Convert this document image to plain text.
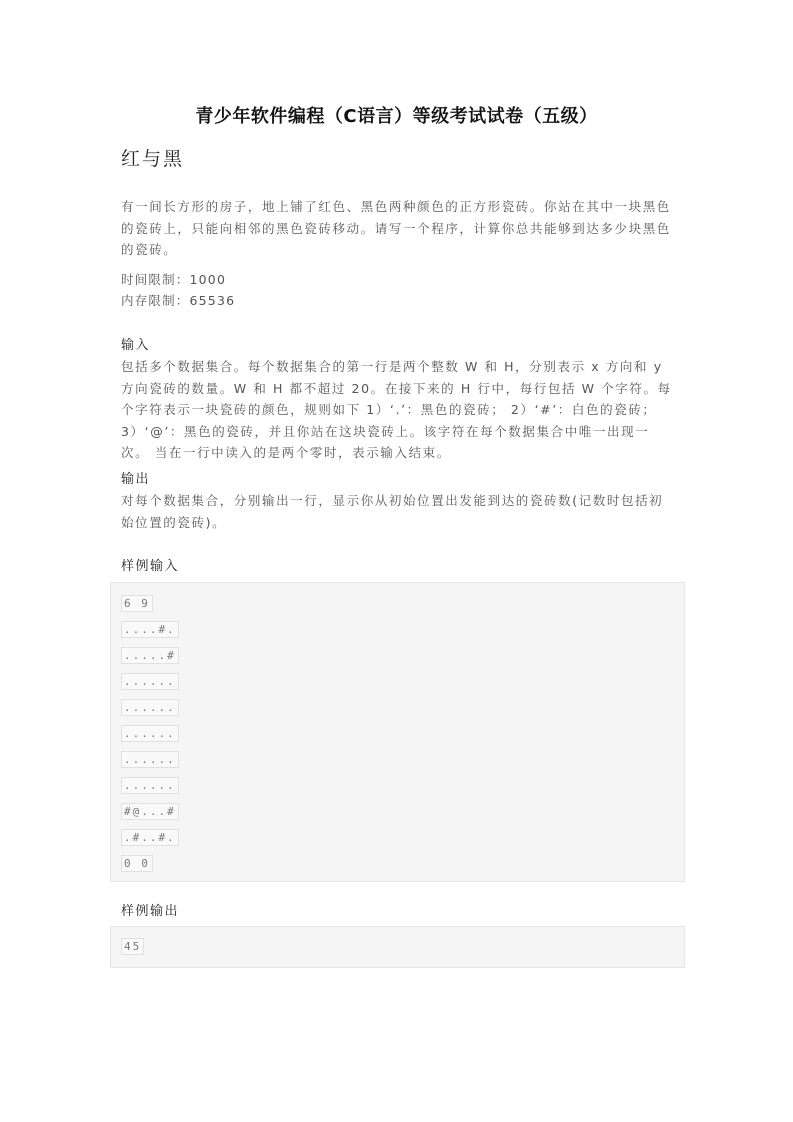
青少年软件编程（C语言）等级考试试卷（五级）
红与黑

有一间长方形的房子，地上铺了红色、黑色两种颜色的正方形瓷砖。你站在其中一块黑色的瓷砖上，只能向相邻的黑色瓷砖移动。请写一个程序，计算你总共能够到达多少块黑色的瓷砖。

时间限制：1000
内存限制：65536
输入

包括多个数据集合。每个数据集合的第一行是两个整数 W 和 H，分别表示 x 方向和 y 方向瓷砖的数量。W 和 H 都不超过 20。在接下来的 H 行中，每行包括 W 个字符。每个字符表示一块瓷砖的颜色，规则如下 1）‘.’：黑色的瓷砖； 2）‘#’：白色的瓷砖； 3）‘@’：黑色的瓷砖，并且你站在这块瓷砖上。该字符在每个数据集合中唯一出现一次。 当在一行中读入的是两个零时，表示输入结束。

输出

对每个数据集合，分别输出一行，显示你从初始位置出发能到达的瓷砖数(记数时包括初始位置的瓷砖)。

样例输入
6 9
....#.
.....#
......
......
......
......
......
#@...#
.#..#.
0 0
样例输出
45
